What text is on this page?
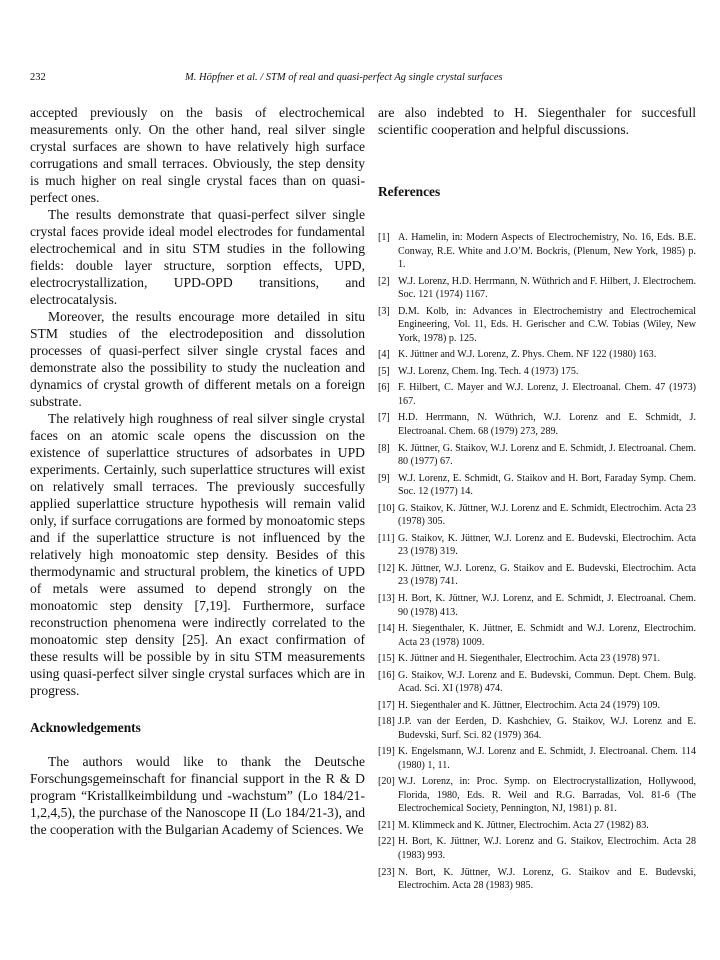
232	M. Höpfner et al. / STM of real and quasi-perfect Ag single crystal surfaces

accepted previously on the basis of electrochemical measurements only. On the other hand, real silver single crystal surfaces are shown to have relatively high surface corrugations and small terraces. Obviously, the step density is much higher on real single crystal faces than on quasi-perfect ones.

The results demonstrate that quasi-perfect silver single crystal faces provide ideal model electrodes for fundamental electrochemical and in situ STM studies in the following fields: double layer structure, sorption effects, UPD, electrocrystallization, UPD-OPD transitions, and electrocatalysis.

Moreover, the results encourage more detailed in situ STM studies of the electrodeposition and dissolution processes of quasi-perfect silver single crystal faces and demonstrate also the possibility to study the nucleation and dynamics of crystal growth of different metals on a foreign substrate.

The relatively high roughness of real silver single crystal faces on an atomic scale opens the discussion on the existence of superlattice structures of adsorbates in UPD experiments. Certainly, such superlattice structures will exist on relatively small terraces. The previously succesfully applied superlattice structure hypothesis will remain valid only, if surface corrugations are formed by monoatomic steps and if the superlattice structure is not influenced by the relatively high monoatomic step density. Besides of this thermodynamic and structural problem, the kinetics of UPD of metals were assumed to depend strongly on the monoatomic step density [7,19]. Furthermore, surface reconstruction phenomena were indirectly correlated to the monoatomic step density [25]. An exact confirmation of these results will be possible by in situ STM measurements using quasi-perfect silver single crystal surfaces which are in progress.

Acknowledgements

The authors would like to thank the Deutsche Forschungsgemeinschaft for financial support in the R & D program “Kristallkeimbildung und -wachstum” (Lo 184/21-1,2,4,5), the purchase of the Nanoscope II (Lo 184/21-3), and the cooperation with the Bulgarian Academy of Sciences. We

are also indebted to H. Siegenthaler for succesfull scientific cooperation and helpful discussions.

References
[1] A. Hamelin, in: Modern Aspects of Electrochemistry, No. 16, Eds. B.E. Conway, R.E. White and J.O’M. Bockris, (Plenum, New York, 1985) p. 1.
[2] W.J. Lorenz, H.D. Herrmann, N. Wüthrich and F. Hilbert, J. Electrochem. Soc. 121 (1974) 1167.
[3] D.M. Kolb, in: Advances in Electrochemistry and Electrochemical Engineering, Vol. 11, Eds. H. Gerischer and C.W. Tobias (Wiley, New York, 1978) p. 125.
[4] K. Jüttner and W.J. Lorenz, Z. Phys. Chem. NF 122 (1980) 163.
[5] W.J. Lorenz, Chem. Ing. Tech. 4 (1973) 175.
[6] F. Hilbert, C. Mayer and W.J. Lorenz, J. Electroanal. Chem. 47 (1973) 167.
[7] H.D. Herrmann, N. Wüthrich, W.J. Lorenz and E. Schmidt, J. Electroanal. Chem. 68 (1979) 273, 289.
[8] K. Jüttner, G. Staikov, W.J. Lorenz and E. Schmidt, J. Electroanal. Chem. 80 (1977) 67.
[9] W.J. Lorenz, E. Schmidt, G. Staikov and H. Bort, Faraday Symp. Chem. Soc. 12 (1977) 14.
[10] G. Staikov, K. Jüttner, W.J. Lorenz and E. Schmidt, Electrochim. Acta 23 (1978) 305.
[11] G. Staikov, K. Jüttner, W.J. Lorenz and E. Budevski, Electrochim. Acta 23 (1978) 319.
[12] K. Jüttner, W.J. Lorenz, G. Staikov and E. Budevski, Electrochim. Acta 23 (1978) 741.
[13] H. Bort, K. Jüttner, W.J. Lorenz, and E. Schmidt, J. Electroanal. Chem. 90 (1978) 413.
[14] H. Siegenthaler, K. Jüttner, E. Schmidt and W.J. Lorenz, Electrochim. Acta 23 (1978) 1009.
[15] K. Jüttner and H. Siegenthaler, Electrochim. Acta 23 (1978) 971.
[16] G. Staikov, W.J. Lorenz and E. Budevski, Commun. Dept. Chem. Bulg. Acad. Sci. XI (1978) 474.
[17] H. Siegenthaler and K. Jüttner, Electrochim. Acta 24 (1979) 109.
[18] J.P. van der Eerden, D. Kashchiev, G. Staikov, W.J. Lorenz and E. Budevski, Surf. Sci. 82 (1979) 364.
[19] K. Engelsmann, W.J. Lorenz and E. Schmidt, J. Electroanal. Chem. 114 (1980) 1, 11.
[20] W.J. Lorenz, in: Proc. Symp. on Electrocrystallization, Hollywood, Florida, 1980, Eds. R. Weil and R.G. Barradas, Vol. 81-6 (The Electrochemical Society, Pennington, NJ, 1981) p. 81.
[21] M. Klimmeck and K. Jüttner, Electrochim. Acta 27 (1982) 83.
[22] H. Bort, K. Jüttner, W.J. Lorenz and G. Staikov, Electrochim. Acta 28 (1983) 993.
[23] N. Bort, K. Jüttner, W.J. Lorenz, G. Staikov and E. Budevski, Electrochim. Acta 28 (1983) 985.
